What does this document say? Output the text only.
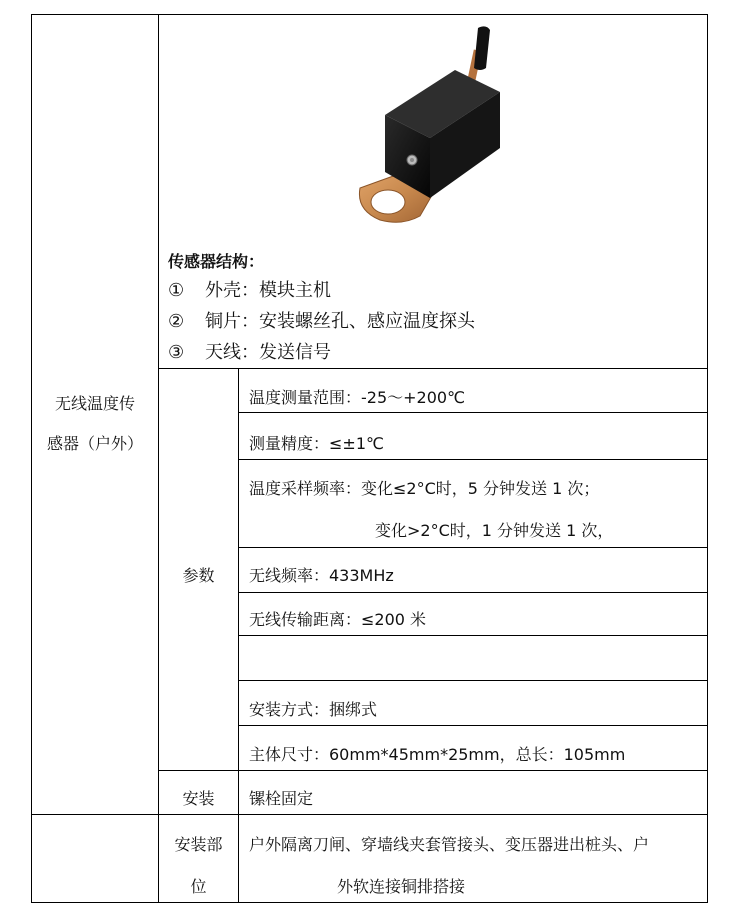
无线温度传
感器（户外）
传感器结构：
① 外壳：模块主机
② 铜片：安装螺丝孔、感应温度探头
③ 天线：发送信号
参数
温度测量范围：-25～+200℃
测量精度：≤±1℃
温度采样频率：变化≤2°C时，5 分钟发送 1 次；
变化>2°C时，1 分钟发送 1 次，
无线频率：433MHz
无线传输距离：≤200 米
安装方式：捆绑式
主体尺寸：60mm*45mm*25mm，总长：105mm
安装	镙栓固定
安装部
位
户外隔离刀闸、穿墙线夹套管接头、变压器进出桩头、户
外软连接铜排搭接
